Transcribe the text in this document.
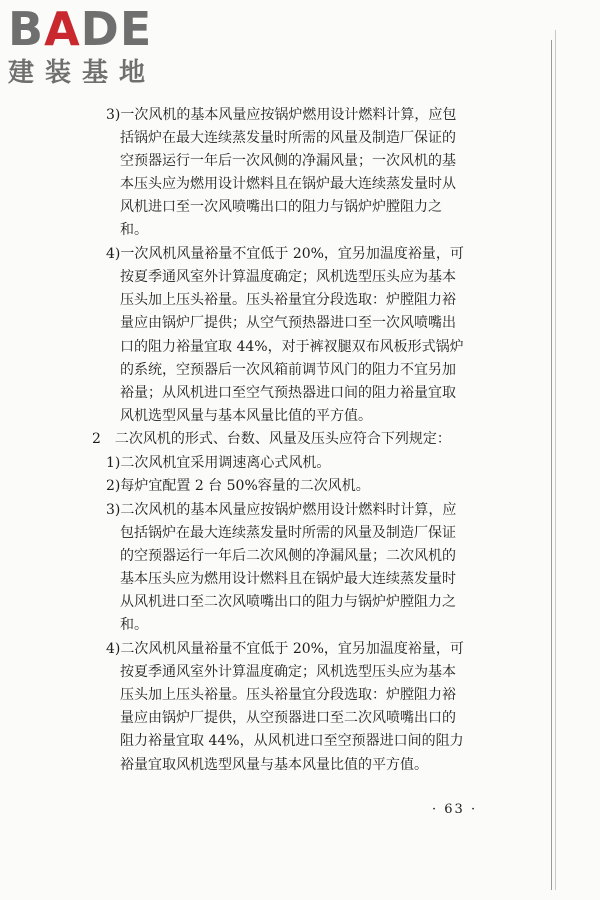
BADE
建装基地
3)一次风机的基本风量应按锅炉燃用设计燃料计算，应包
括锅炉在最大连续蒸发量时所需的风量及制造厂保证的
空预器运行一年后一次风侧的净漏风量；一次风机的基
本压头应为燃用设计燃料且在锅炉最大连续蒸发量时从
风机进口至一次风喷嘴出口的阻力与锅炉炉膛阻力之
和。
4)一次风机风量裕量不宜低于 20%，宜另加温度裕量，可
按夏季通风室外计算温度确定；风机选型压头应为基本
压头加上压头裕量。压头裕量宜分段选取：炉膛阻力裕
量应由锅炉厂提供；从空气预热器进口至一次风喷嘴出
口的阻力裕量宜取 44%，对于裤衩腿双布风板形式锅炉
的系统，空预器后一次风箱前调节风门的阻力不宜另加
裕量；从风机进口至空气预热器进口间的阻力裕量宜取
风机选型风量与基本风量比值的平方值。
2　二次风机的形式、台数、风量及压头应符合下列规定：
1)二次风机宜采用调速离心式风机。
2)每炉宜配置 2 台 50%容量的二次风机。
3)二次风机的基本风量应按锅炉燃用设计燃料时计算，应
包括锅炉在最大连续蒸发量时所需的风量及制造厂保证
的空预器运行一年后二次风侧的净漏风量；二次风机的
基本压头应为燃用设计燃料且在锅炉最大连续蒸发量时
从风机进口至二次风喷嘴出口的阻力与锅炉炉膛阻力之
和。
4)二次风机风量裕量不宜低于 20%，宜另加温度裕量，可
按夏季通风室外计算温度确定；风机选型压头应为基本
压头加上压头裕量。压头裕量宜分段选取：炉膛阻力裕
量应由锅炉厂提供，从空预器进口至二次风喷嘴出口的
阻力裕量宜取 44%，从风机进口至空预器进口间的阻力
裕量宜取风机选型风量与基本风量比值的平方值。
· 63 ·
